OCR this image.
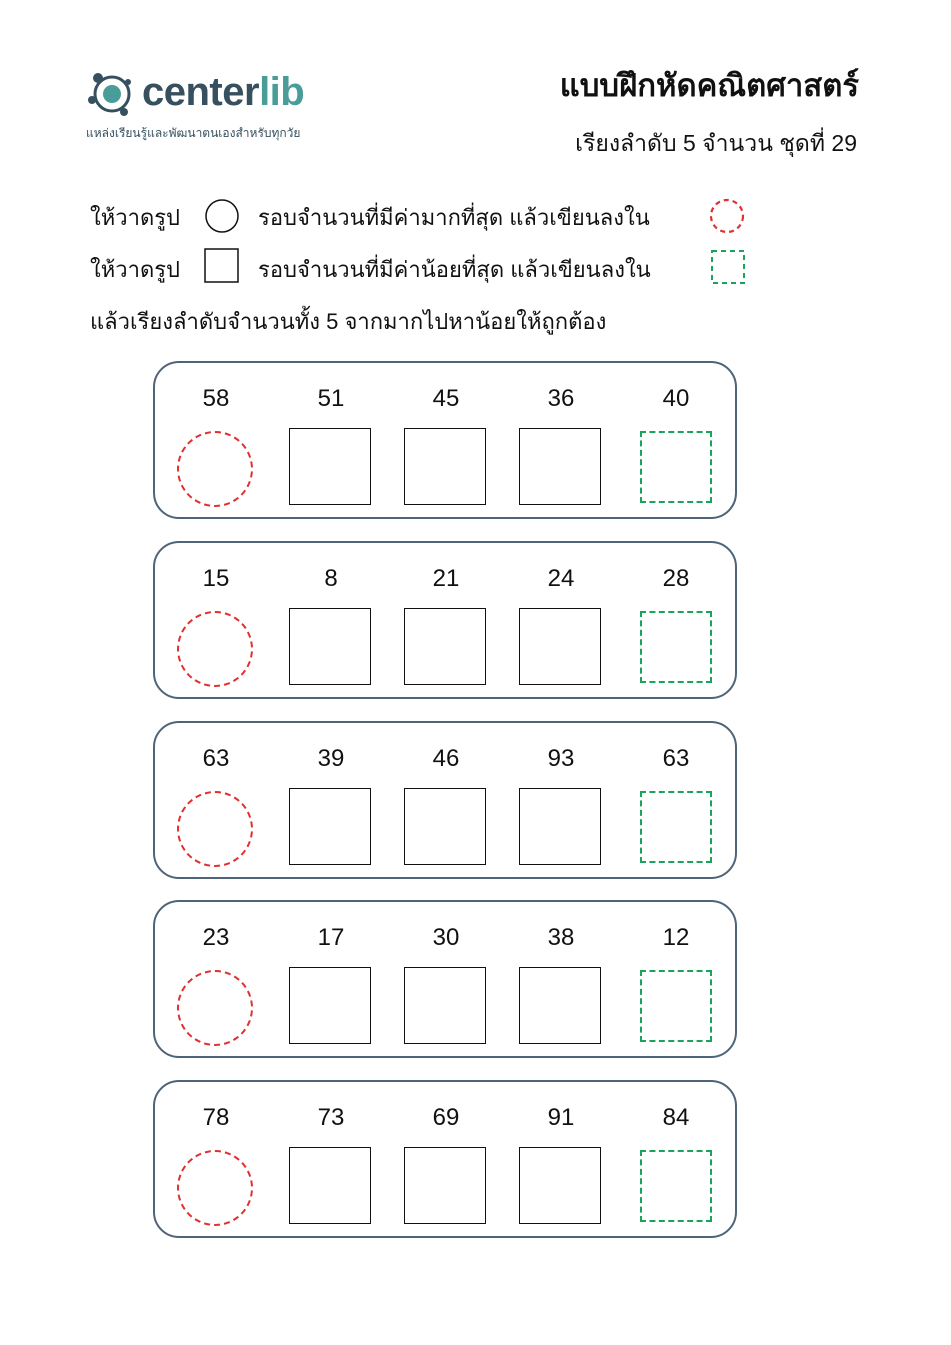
centerlib
แหล่งเรียนรู้และพัฒนาตนเองสำหรับทุกวัย
แบบฝึกหัดคณิตศาสตร์
เรียงลำดับ 5 จำนวน ชุดที่ 29
ให้วาดรูป	รอบจำนวนที่มีค่ามากที่สุด แล้วเขียนลงใน
ให้วาดรูป	รอบจำนวนที่มีค่าน้อยที่สุด แล้วเขียนลงใน
แล้วเรียงลำดับจำนวนทั้ง 5 จากมากไปหาน้อยให้ถูกต้อง
58	51	45	36	40
15	8	21	24	28
63	39	46	93	63
23	17	30	38	12
78	73	69	91	84
